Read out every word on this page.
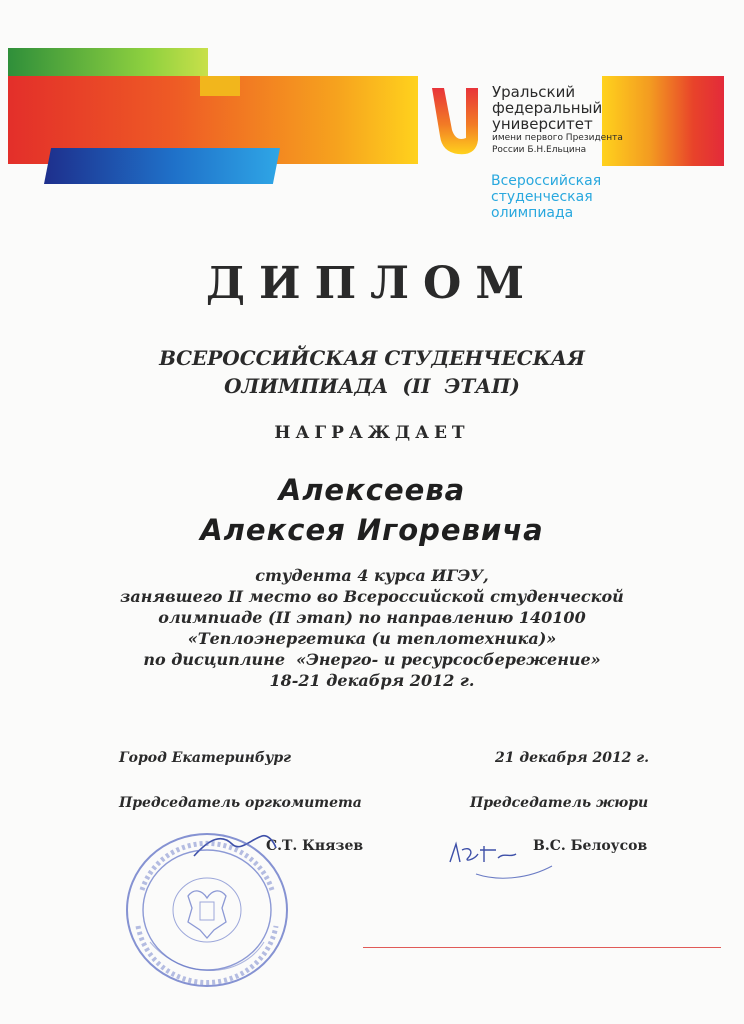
Уральский
федеральный
университет
имени первого Президента
России Б.Н.Ельцина
Всероссийская
студенческая
олимпиада
ДИПЛОМ
ВСЕРОССИЙСКАЯ СТУДЕНЧЕСКАЯ
ОЛИМПИАДА  (II  ЭТАП)
НАГРАЖДАЕТ
Алексеева
Алексея Игоревича
студента 4 курса ИГЭУ,
занявшего II место во Всероссийской студенческой
олимпиаде (II этап) по направлению 140100
«Теплоэнергетика (и теплотехника)»
по дисциплине  «Энерго- и ресурсосбережение»
18-21 декабря 2012 г.
Город Екатеринбург	21 декабря 2012 г.
Председатель оргкомитета	Председатель жюри
С.Т. Князев	В.С. Белоусов
